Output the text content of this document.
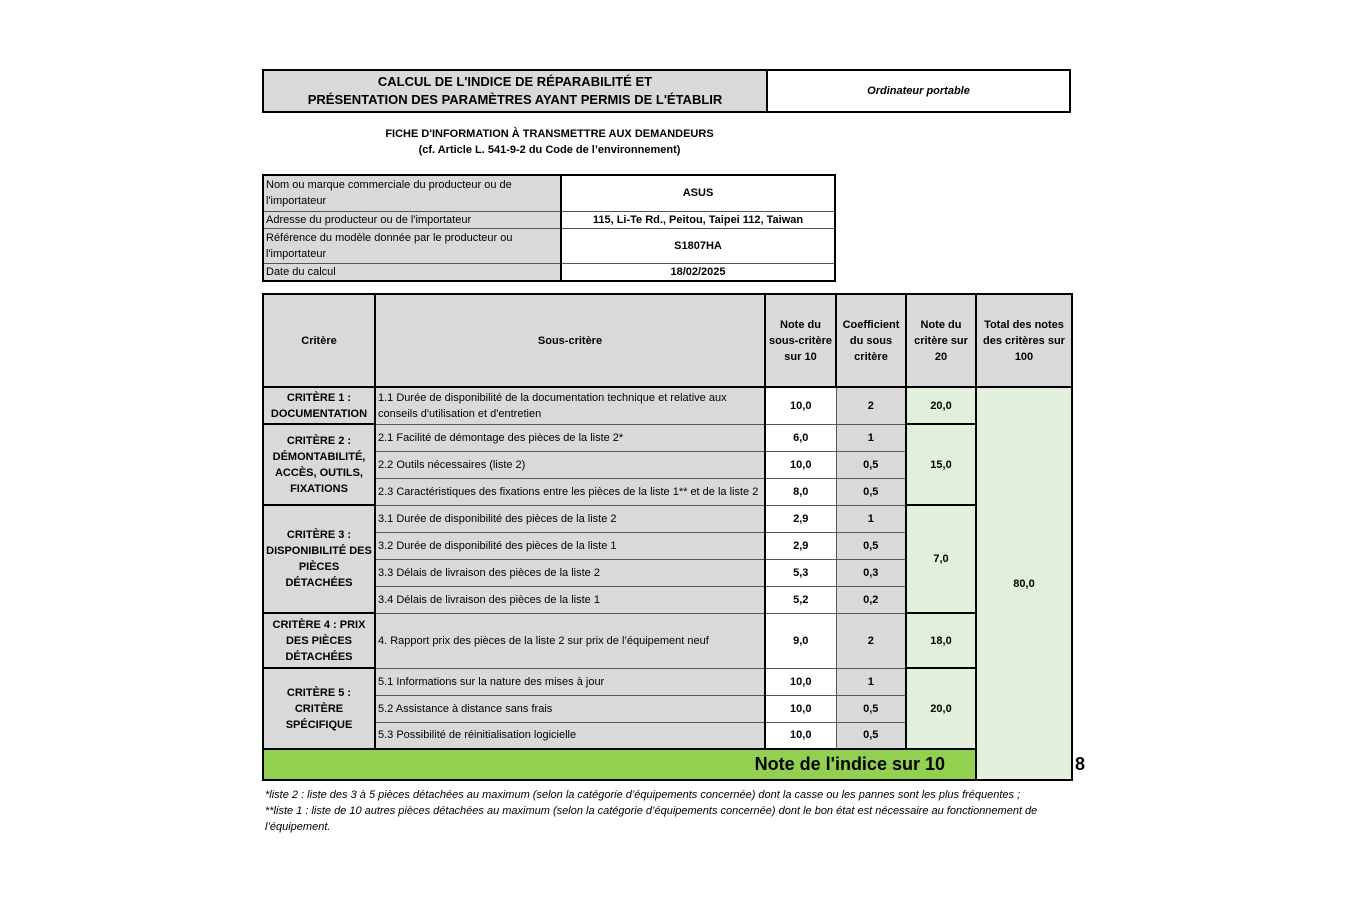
CALCUL DE L'INDICE DE RÉPARABILITÉ ET
PRÉSENTATION DES PARAMÈTRES AYANT PERMIS DE L'ÉTABLIR
Ordinateur portable
FICHE D'INFORMATION À TRANSMETTRE AUX DEMANDEURS
(cf. Article L. 541-9-2 du Code de l’environnement)
Nom ou marque commerciale du producteur ou de l'importateur	ASUS
Adresse du producteur ou de l'importateur	115, Li-Te Rd., Peitou, Taipei 112, Taiwan
Référence du modèle donnée par le producteur ou l'importateur	S1807HA
Date du calcul	18/02/2025
Critère	Sous-critère	Note du sous-critère sur 10	Coefficient du sous critère	Note du critère sur 20	Total des notes des critères sur 100	
CRITÈRE 1 : DOCUMENTATION	1.1 Durée de disponibilité de la documentation technique et relative aux conseils d'utilisation et d'entretien	10,0	2	20,0	80,0	
CRITÈRE 2 : DÉMONTABILITÉ, ACCÈS, OUTILS, FIXATIONS	2.1 Facilité de démontage des pièces de la liste 2*	6,0	1	15,0		
	2.2 Outils nécessaires (liste 2)	10,0	0,5			
	2.3 Caractéristiques des fixations entre les pièces de la liste 1** et de la liste 2	8,0	0,5			
CRITÈRE 3 : DISPONIBILITÉ DES PIÈCES DÉTACHÉES	3.1 Durée de disponibilité des pièces de la liste 2	2,9	1	7,0		
	3.2 Durée de disponibilité des pièces de la liste 1	2,9	0,5			
	3.3 Délais de livraison des pièces de la liste 2	5,3	0,3			
	3.4 Délais de livraison des pièces de la liste 1	5,2	0,2			
CRITÈRE 4 : PRIX DES PIÈCES DÉTACHÉES	4. Rapport prix des pièces de la liste 2 sur prix de l’équipement neuf	9,0	2	18,0		
CRITÈRE 5 : CRITÈRE SPÉCIFIQUE	5.1 Informations sur la nature des mises à jour	10,0	1	20,0		
	5.2 Assistance à distance sans frais	10,0	0,5			
	5.3 Possibilité de réinitialisation logicielle	10,0	0,5			
Note de l'indice sur 10						8
*liste 2 : liste des 3 à 5 pièces détachées au maximum (selon la catégorie d’équipements concernée) dont la casse ou les pannes sont les plus fréquentes ;
**liste 1 : liste de 10 autres pièces détachées au maximum (selon la catégorie d’équipements concernée) dont le bon état est nécessaire au fonctionnement de l’équipement.
